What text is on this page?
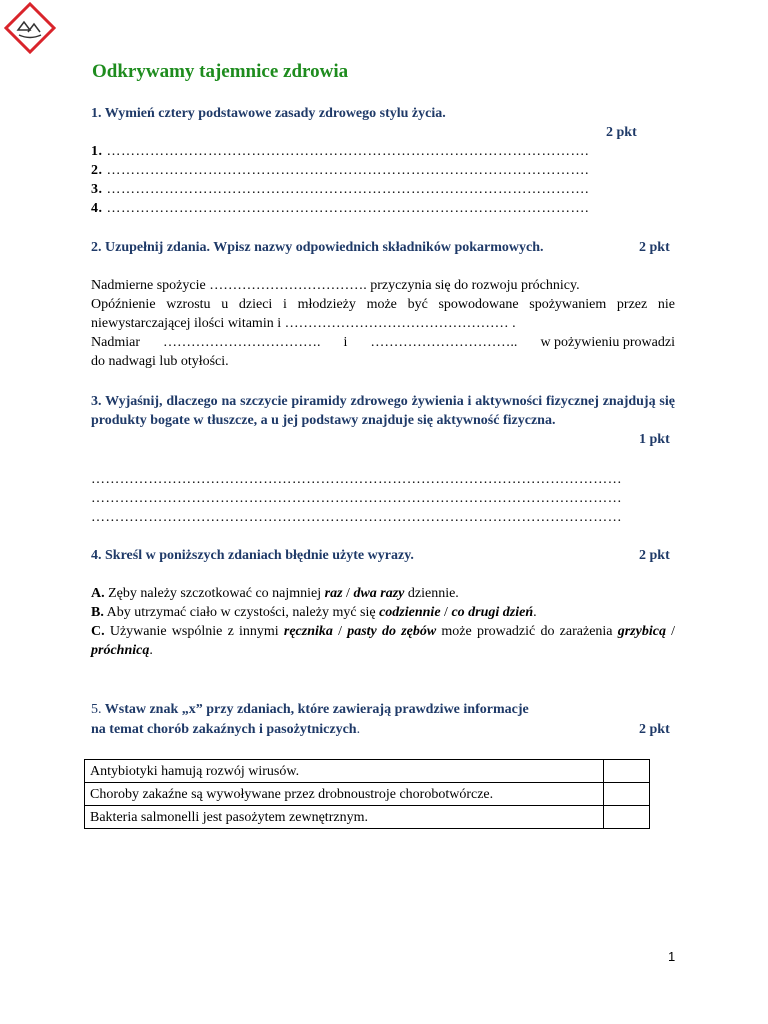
Odkrywamy tajemnice zdrowia
1. Wymień cztery podstawowe zasady zdrowego stylu życia.
2 pkt
1. ……………………………………………………………………………………….
2. ……………………………………………………………………………………….
3. ……………………………………………………………………………………….
4. ……………………………………………………………………………………….
2. Uzupełnij zdania. Wpisz nazwy odpowiednich składników pokarmowych.	2 pkt
Nadmierne spożycie ……………………………. przyczynia się do rozwoju próchnicy.
Opóźnienie wzrostu u dzieci i młodzieży może być spowodowane spożywaniem przez nie niewystarczającej ilości witamin i ………………………………………… .
Nadmiar ……………………………. i ………………………….. w pożywieniu prowadzi
do nadwagi lub otyłości.
3. Wyjaśnij, dlaczego na szczycie piramidy zdrowego żywienia i aktywności fizycznej znajdują się produkty bogate w tłuszcze, a u jej podstawy znajduje się aktywność fizyczna.
1 pkt
…………………………………………………………………………………………………
…………………………………………………………………………………………………
…………………………………………………………………………………………………
4. Skreśl w poniższych zdaniach błędnie użyte wyrazy.	2 pkt
A. Zęby należy szczotkować co najmniej raz / dwa razy dziennie.
B. Aby utrzymać ciało w czystości, należy myć się codziennie / co drugi dzień.
C. Używanie wspólnie z innymi ręcznika / pasty do zębów może prowadzić do zarażenia grzybicą / próchnicą.
5. Wstaw znak „x” przy zdaniach, które zawierają prawdziwe informacje
na temat chorób zakaźnych i pasożytniczych.	2 pkt
Antybiotyki hamują rozwój wirusów.	
Choroby zakaźne są wywoływane przez drobnoustroje chorobotwórcze.	
Bakteria salmonelli jest pasożytem zewnętrznym.	
1
